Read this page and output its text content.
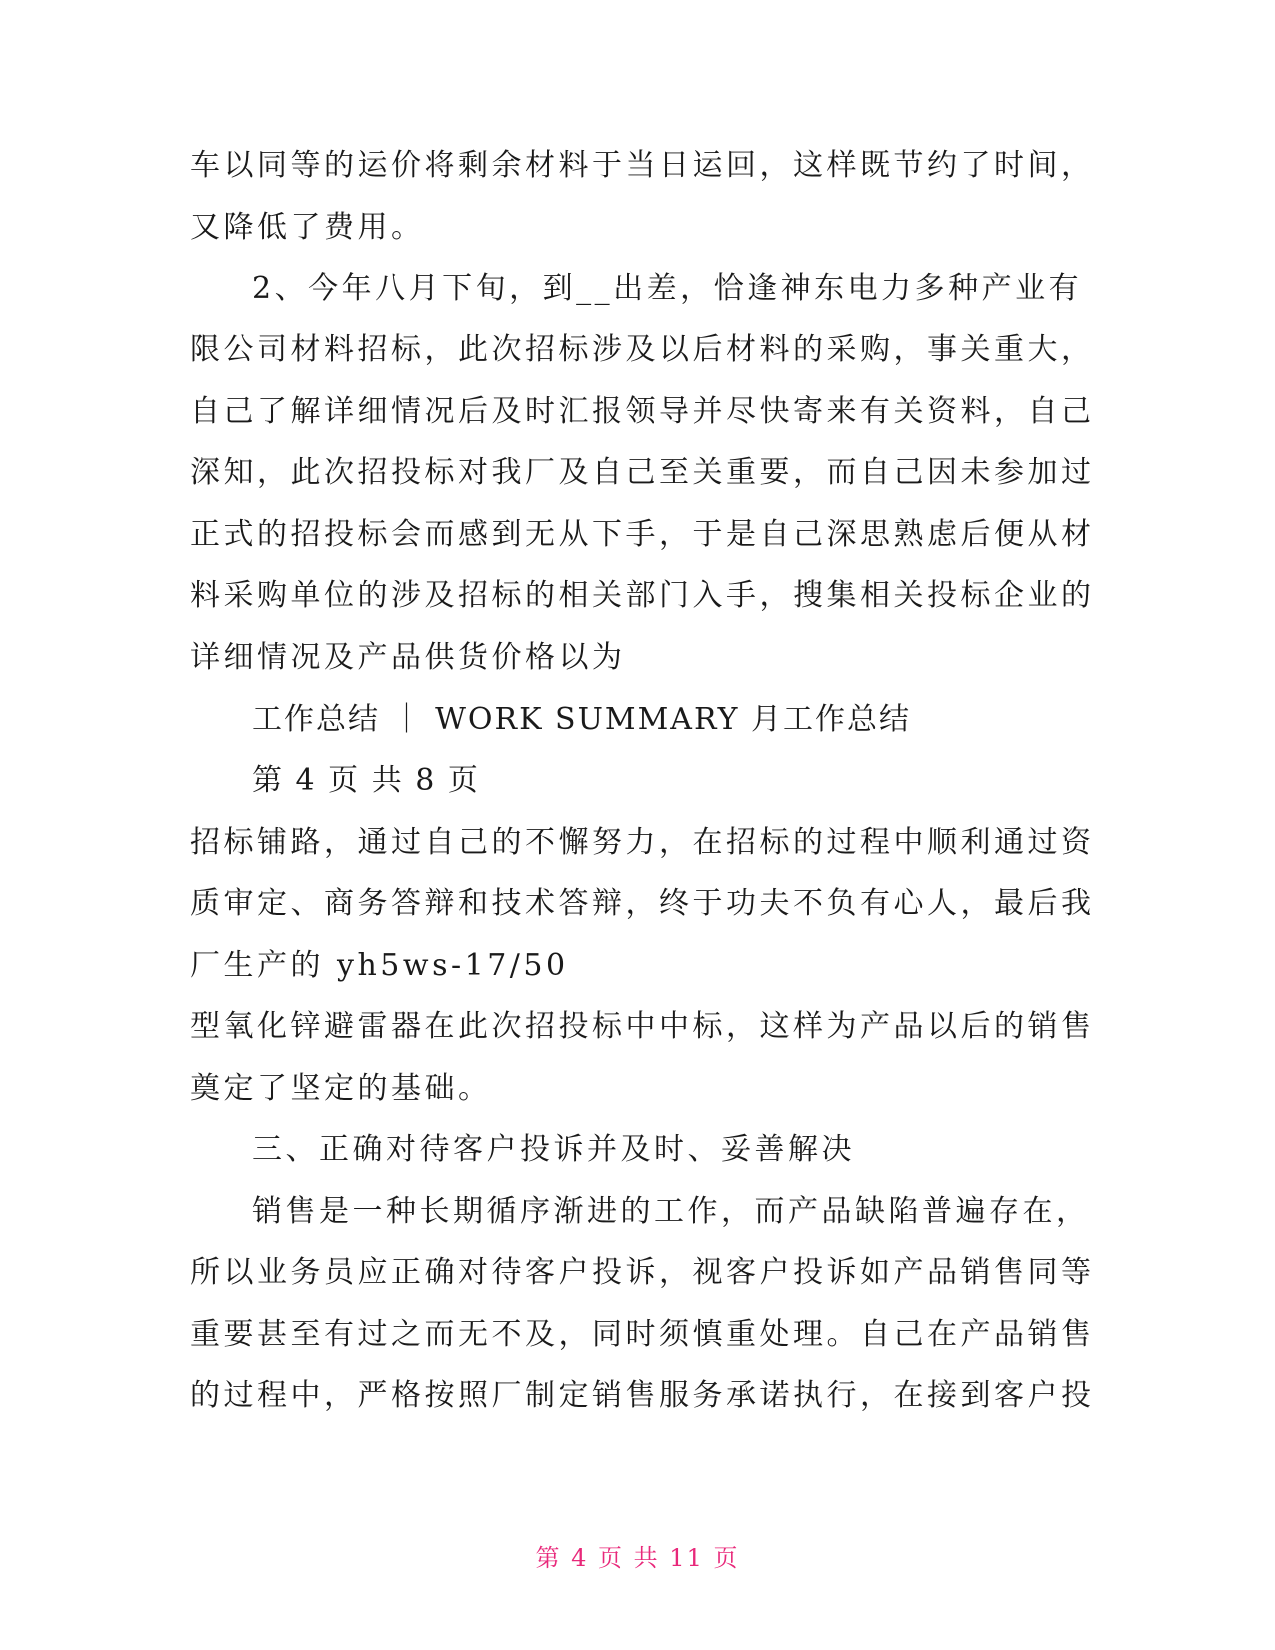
车以同等的运价将剩余材料于当日运回，这样既节约了时间，
又降低了费用。
2、今年八月下旬，到__出差，恰逢神东电力多种产业有
限公司材料招标，此次招标涉及以后材料的采购，事关重大，
自己了解详细情况后及时汇报领导并尽快寄来有关资料，自己
深知，此次招投标对我厂及自己至关重要，而自己因未参加过
正式的招投标会而感到无从下手，于是自己深思熟虑后便从材
料采购单位的涉及招标的相关部门入手，搜集相关投标企业的
详细情况及产品供货价格以为
工作总结 ｜ WORK SUMMARY 月工作总结
第 4 页 共 8 页
招标铺路，通过自己的不懈努力，在招标的过程中顺利通过资
质审定、商务答辩和技术答辩，终于功夫不负有心人，最后我
厂生产的 yh5ws-17/50
型氧化锌避雷器在此次招投标中中标，这样为产品以后的销售
奠定了坚定的基础。
三、正确对待客户投诉并及时、妥善解决
销售是一种长期循序渐进的工作，而产品缺陷普遍存在，
所以业务员应正确对待客户投诉，视客户投诉如产品销售同等
重要甚至有过之而无不及，同时须慎重处理。自己在产品销售
的过程中，严格按照厂制定销售服务承诺执行，在接到客户投
第 4 页 共 11 页
